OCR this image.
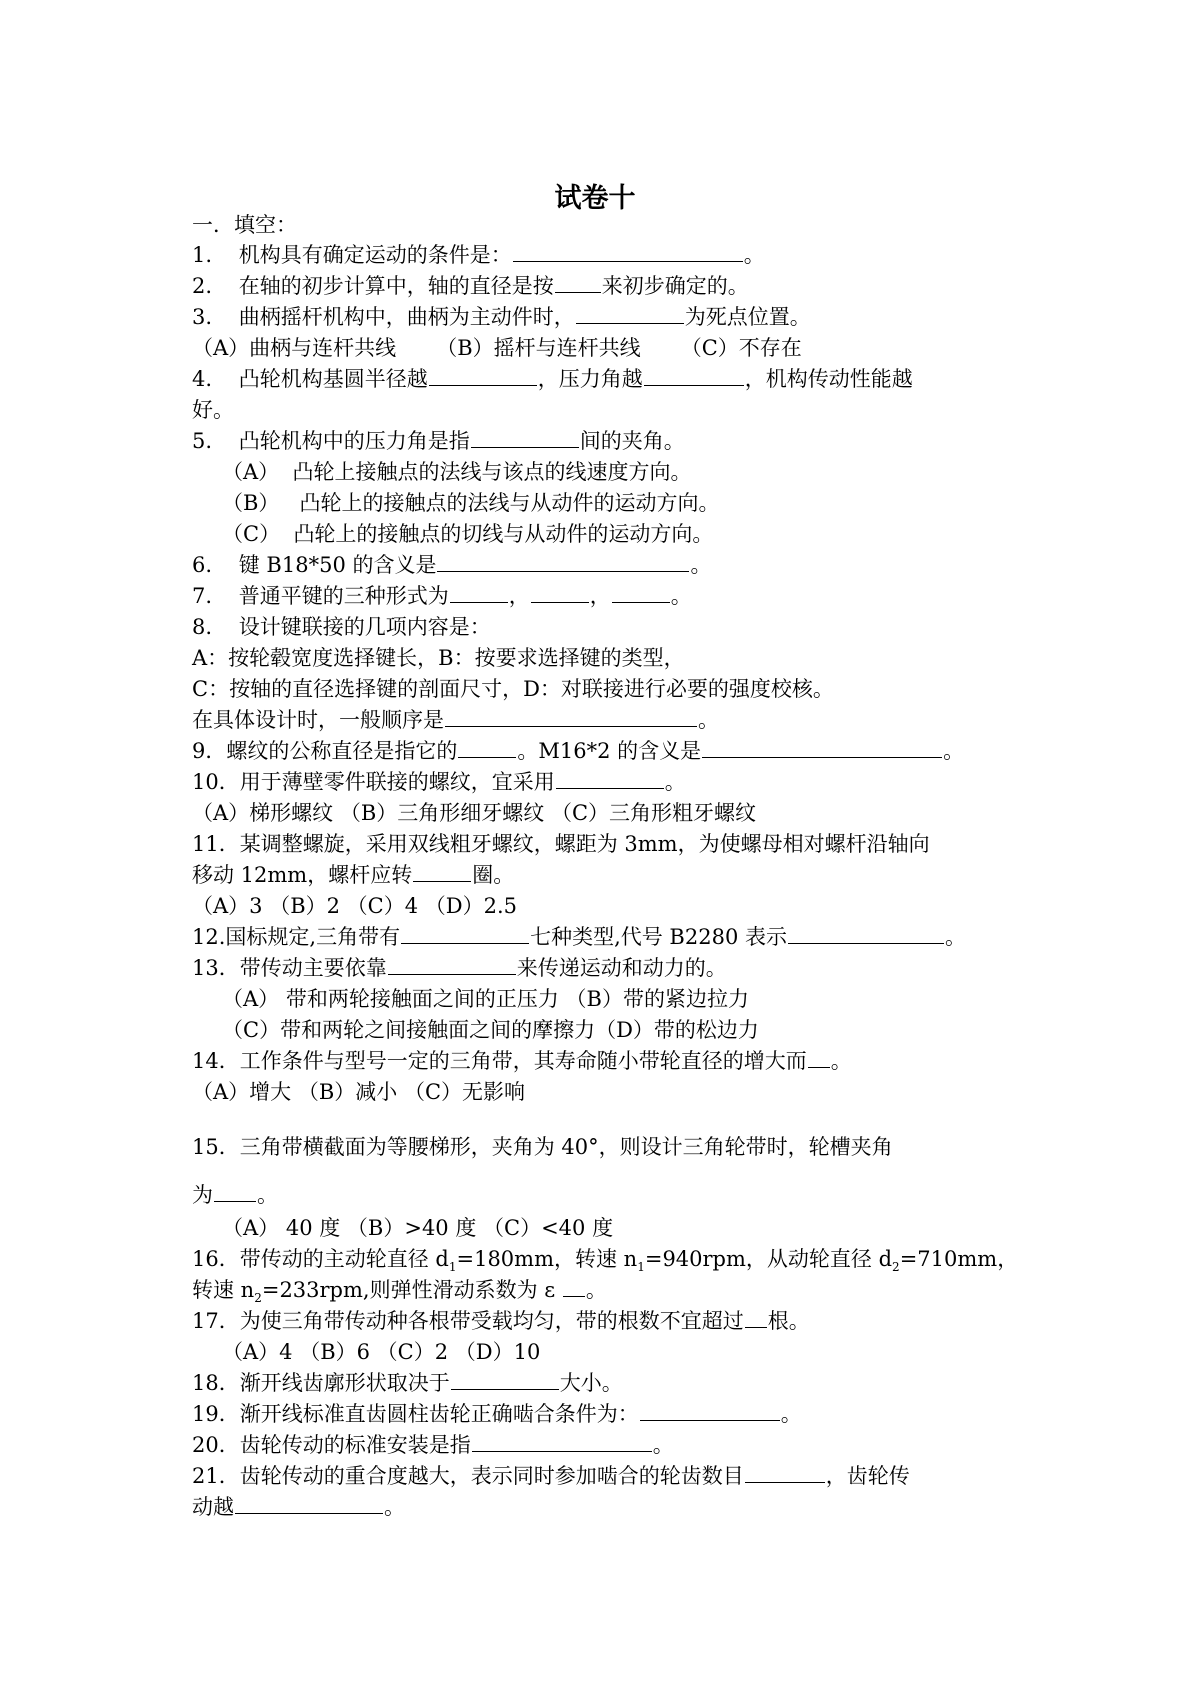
试卷十
一．填空：
1. 机构具有确定运动的条件是：	。
2. 在轴的初步计算中，轴的直径是按 来初步确定的。
3. 曲柄摇杆机构中，曲柄为主动件时，	为死点位置。
（A）曲柄与连杆共线 （B）摇杆与连杆共线 （C）不存在
4. 凸轮机构基圆半径越	，压力角越	，机构传动性能越
好。
5. 凸轮机构中的压力角是指	间的夹角。
（A） 凸轮上接触点的法线与该点的线速度方向。
（B） 凸轮上的接触点的法线与从动件的运动方向。
（C） 凸轮上的接触点的切线与从动件的运动方向。
6. 键 B18*50 的含义是	。
7. 普通平键的三种形式为	，	，	。
8. 设计键联接的几项内容是：
A：按轮毂宽度选择键长，B：按要求选择键的类型，
C：按轴的直径选择键的剖面尺寸，D：对联接进行必要的强度校核。
在具体设计时，一般顺序是	。
9．螺纹的公称直径是指它的	。M16*2 的含义是	。
10．用于薄壁零件联接的螺纹，宜采用	。
（A）梯形螺纹 （B）三角形细牙螺纹 （C）三角形粗牙螺纹
11．某调整螺旋，采用双线粗牙螺纹，螺距为 3mm，为使螺母相对螺杆沿轴向
移动 12mm，螺杆应转	圈。
（A）3 （B）2 （C）4 （D）2.5
12.国标规定,三角带有	七种类型,代号 B2280 表示	。
13．带传动主要依靠	来传递运动和动力的。
（A） 带和两轮接触面之间的正压力 （B）带的紧边拉力
（C）带和两轮之间接触面之间的摩擦力（D）带的松边力
14．工作条件与型号一定的三角带，其寿命随小带轮直径的增大而 。
（A）增大 （B）减小 （C）无影响
15．三角带横截面为等腰梯形，夹角为 40°，则设计三角轮带时，轮槽夹角
为 。
（A） 40 度 （B）>40 度 （C）<40 度
16．带传动的主动轮直径 $d_1=180mm$，转速 $n_1=940rpm$，从动轮直径 $d_2=710mm$，
转速 $n_2=233rpm$,则弹性滑动系数为 ε 。
17．为使三角带传动种各根带受载均匀，带的根数不宜超过 根。
（A）4 （B）6 （C）2 （D）10
18．渐开线齿廓形状取决于	大小。
19．渐开线标准直齿圆柱齿轮正确啮合条件为：	。
20．齿轮传动的标准安装是指	。
21．齿轮传动的重合度越大，表示同时参加啮合的轮齿数目	，齿轮传
动越	。
